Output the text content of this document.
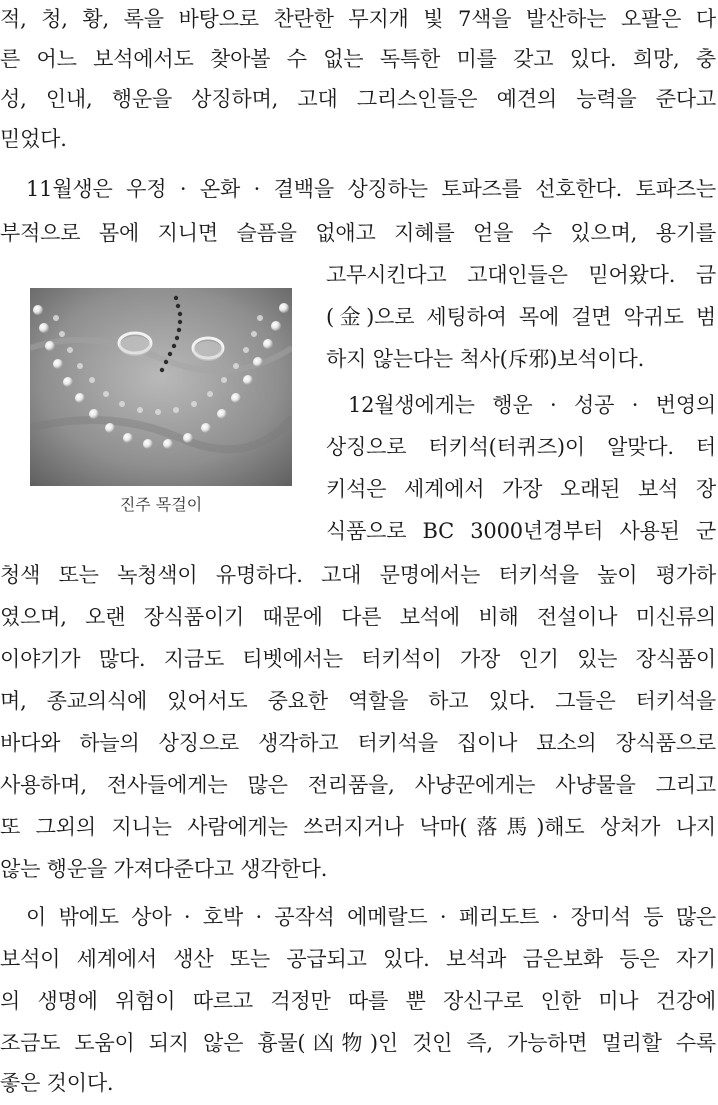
적, 청, 황, 록을 바탕으로 찬란한 무지개 빛 7색을 발산하는 오팔은 다
른 어느 보석에서도 찾아볼 수 없는 독특한 미를 갖고 있다. 희망, 충
성, 인내, 행운을 상징하며, 고대 그리스인들은 예견의 능력을 준다고
믿었다.
11월생은 우정 · 온화 · 결백을 상징하는 토파즈를 선호한다. 토파즈는
부적으로 몸에 지니면 슬픔을 없애고 지혜를 얻을 수 있으며, 용기를
고무시킨다고 고대인들은 믿어왔다. 금
(金)으로 세팅하여 목에 걸면 악귀도 범
하지 않는다는 척사(斥邪)보석이다.
진주 목걸이
12월생에게는 행운 · 성공 · 번영의
상징으로 터키석(터퀴즈)이 알맞다. 터
키석은 세계에서 가장 오래된 보석 장
식품으로 BC 3000년경부터 사용된 군
청색 또는 녹청색이 유명하다. 고대 문명에서는 터키석을 높이 평가하
였으며, 오랜 장식품이기 때문에 다른 보석에 비해 전설이나 미신류의
이야기가 많다. 지금도 티벳에서는 터키석이 가장 인기 있는 장식품이
며, 종교의식에 있어서도 중요한 역할을 하고 있다. 그들은 터키석을
바다와 하늘의 상징으로 생각하고 터키석을 집이나 묘소의 장식품으로
사용하며, 전사들에게는 많은 전리품을, 사냥꾼에게는 사냥물을 그리고
또 그외의 지니는 사람에게는 쓰러지거나 낙마(落馬)해도 상처가 나지
않는 행운을 가져다준다고 생각한다.
이 밖에도 상아 · 호박 · 공작석 에메랄드 · 페리도트 · 장미석 등 많은
보석이 세계에서 생산 또는 공급되고 있다. 보석과 금은보화 등은 자기
의 생명에 위험이 따르고 걱정만 따를 뿐 장신구로 인한 미나 건강에
조금도 도움이 되지 않은 흉물(凶物)인 것인 즉, 가능하면 멀리할 수록
좋은 것이다.
